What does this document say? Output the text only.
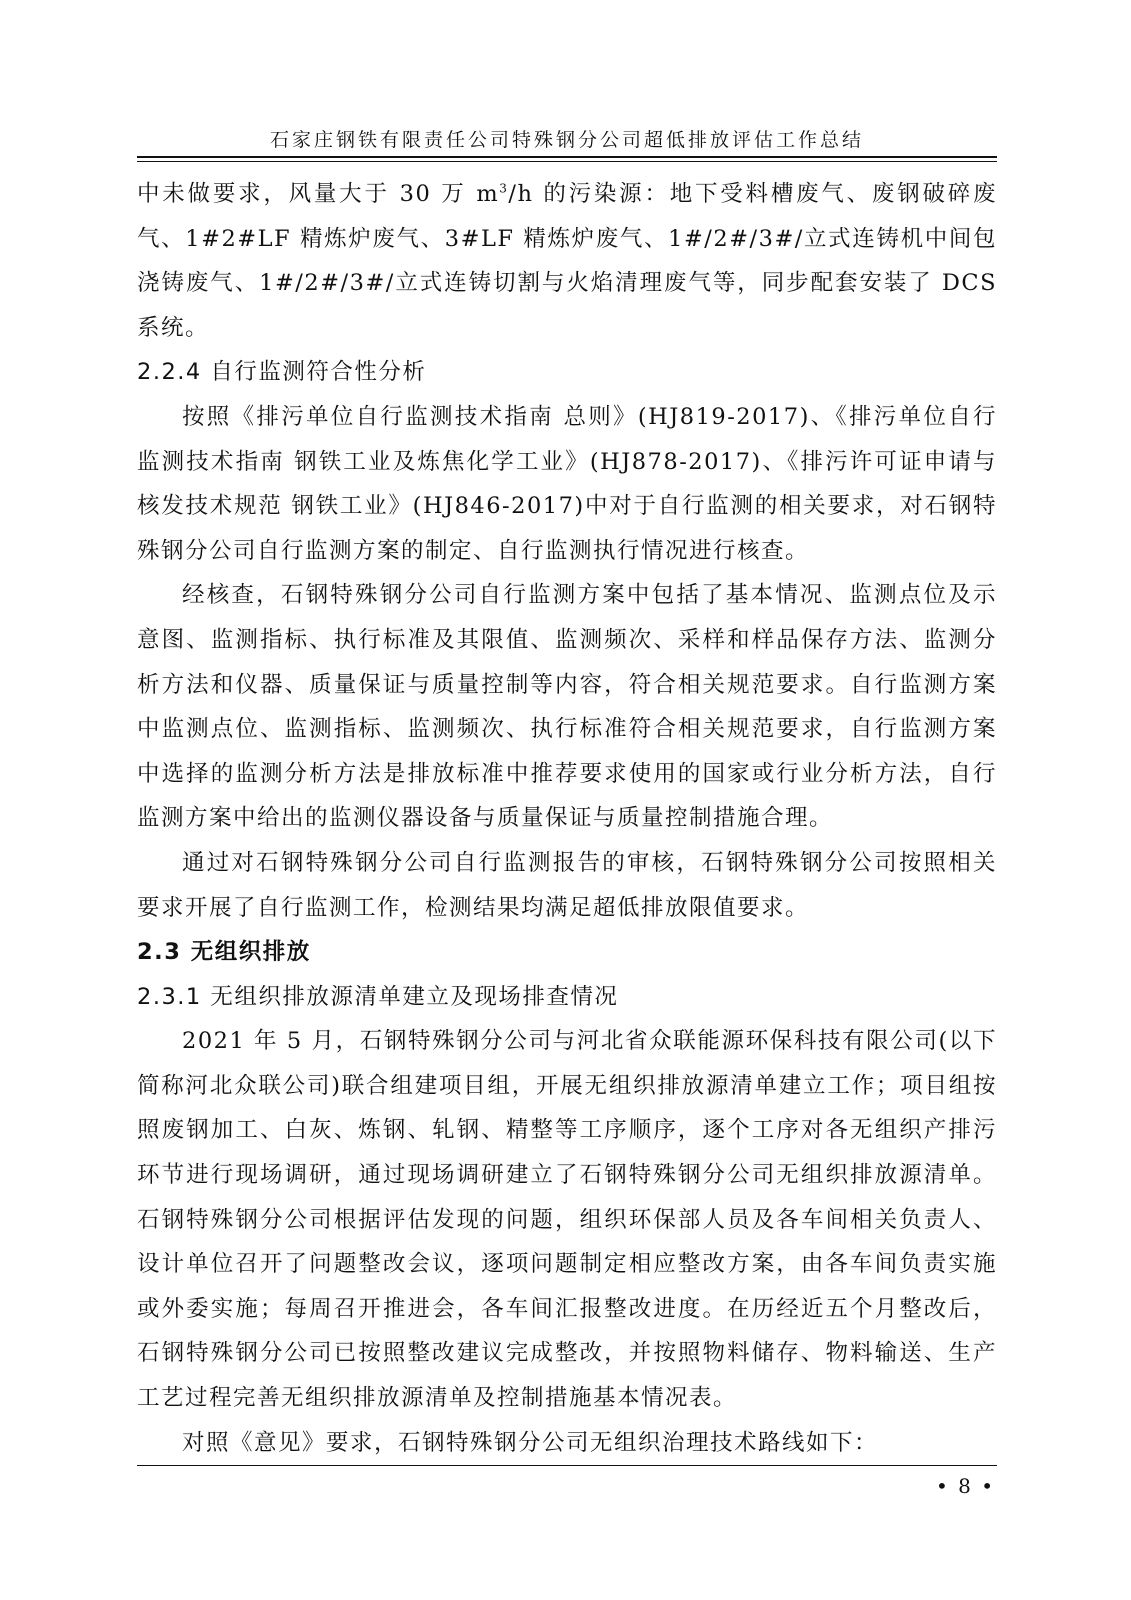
石家庄钢铁有限责任公司特殊钢分公司超低排放评估工作总结

中未做要求，风量大于 30 万 $m^3/h$ 的污染源：地下受料槽废气、废钢破碎废气、1#2#LF 精炼炉废气、3#LF 精炼炉废气、1#/2#/3#/立式连铸机中间包浇铸废气、1#/2#/3#/立式连铸切割与火焰清理废气等，同步配套安装了 DCS 系统。

2.2.4 自行监测符合性分析

按照《排污单位自行监测技术指南 总则》(HJ819-2017)、《排污单位自行监测技术指南 钢铁工业及炼焦化学工业》(HJ878-2017)、《排污许可证申请与核发技术规范 钢铁工业》(HJ846-2017)中对于自行监测的相关要求，对石钢特殊钢分公司自行监测方案的制定、自行监测执行情况进行核查。

经核查，石钢特殊钢分公司自行监测方案中包括了基本情况、监测点位及示意图、监测指标、执行标准及其限值、监测频次、采样和样品保存方法、监测分析方法和仪器、质量保证与质量控制等内容，符合相关规范要求。自行监测方案中监测点位、监测指标、监测频次、执行标准符合相关规范要求，自行监测方案中选择的监测分析方法是排放标准中推荐要求使用的国家或行业分析方法，自行监测方案中给出的监测仪器设备与质量保证与质量控制措施合理。

通过对石钢特殊钢分公司自行监测报告的审核，石钢特殊钢分公司按照相关要求开展了自行监测工作，检测结果均满足超低排放限值要求。

2.3 无组织排放
2.3.1 无组织排放源清单建立及现场排查情况

2021 年 5 月，石钢特殊钢分公司与河北省众联能源环保科技有限公司(以下简称河北众联公司)联合组建项目组，开展无组织排放源清单建立工作；项目组按照废钢加工、白灰、炼钢、轧钢、精整等工序顺序，逐个工序对各无组织产排污环节进行现场调研，通过现场调研建立了石钢特殊钢分公司无组织排放源清单。石钢特殊钢分公司根据评估发现的问题，组织环保部人员及各车间相关负责人、设计单位召开了问题整改会议，逐项问题制定相应整改方案，由各车间负责实施或外委实施；每周召开推进会，各车间汇报整改进度。在历经近五个月整改后，石钢特殊钢分公司已按照整改建议完成整改，并按照物料储存、物料输送、生产工艺过程完善无组织排放源清单及控制措施基本情况表。

对照《意见》要求，石钢特殊钢分公司无组织治理技术路线如下：

• 8 •
